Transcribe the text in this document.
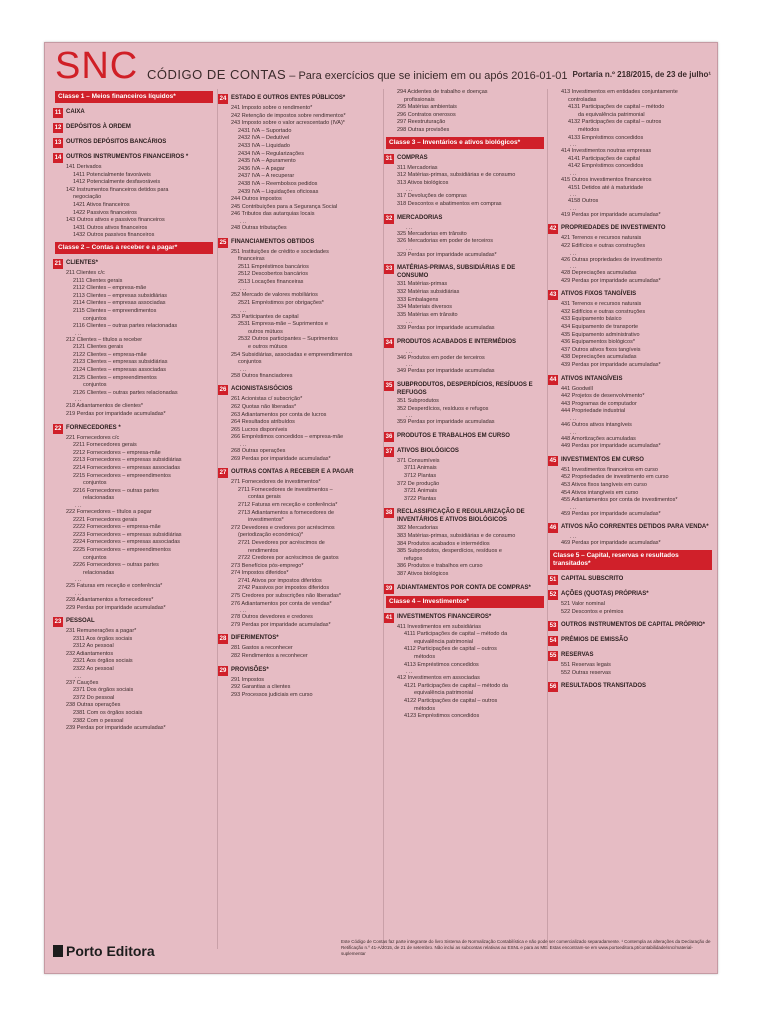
SNC CÓDIGO DE CONTAS – Para exercícios que se iniciem em ou após 2016-01-01 Portaria n.º 218/2015, de 23 de julho¹
Classe 1 – Meios financeiros líquidos*
11 CAIXA
12 DEPÓSITOS À ORDEM
13 OUTROS DEPÓSITOS BANCÁRIOS
14 OUTROS INSTRUMENTOS FINANCEIROS *
141 Derivados
1411 Potencialmente favoráveis
1412 Potencialmente desfavoráveis
142 Instrumentos financeiros detidos para
negociação
1421 Ativos financeiros
1422 Passivos financeiros
143 Outros ativos e passivos financeiros
1431 Outros ativos financeiros
1432 Outros passivos financeiros
Classe 2 – Contas a receber e a pagar*
21 CLIENTES*
211 Clientes c/c
2111 Clientes gerais
2112 Clientes – empresa-mãe
2113 Clientes – empresas subsidiárias
2114 Clientes – empresas associadas
2115 Clientes – empreendimentos
conjuntos
2116 Clientes – outras partes relacionadas
...
212 Clientes – títulos a receber
2121 Clientes gerais
2122 Clientes – empresa-mãe
2123 Clientes – empresas subsidiárias
2124 Clientes – empresas associadas
2125 Clientes – empreendimentos
conjuntos
2126 Clientes – outras partes relacionadas
...
218 Adiantamentos de clientes*
219 Perdas por imparidade acumuladas*
22 FORNECEDORES *
221 Fornecedores c/c
2211 Fornecedores gerais
2212 Fornecedores – empresa-mãe
2213 Fornecedores – empresas subsidiárias
2214 Fornecedores – empresas associadas
2215 Fornecedores – empreendimentos
conjuntos
2216 Fornecedores – outras partes
relacionadas
...
222 Fornecedores – títulos a pagar
2221 Fornecedores gerais
2222 Fornecedores – empresa-mãe
2223 Fornecedores – empresas subsidiárias
2224 Fornecedores – empresas associadas
2225 Fornecedores – empreendimentos
conjuntos
2226 Fornecedores – outras partes
relacionadas
...
225 Faturas em receção e conferência*
...
228 Adiantamentos a fornecedores*
229 Perdas por imparidade acumuladas*
23 PESSOAL
231 Remunerações a pagar*
2311 Aos órgãos sociais
2312 Ao pessoal
232 Adiantamentos
2321 Aos órgãos sociais
2322 Ao pessoal
...
237 Cauções
2371 Dos órgãos sociais
2372 Do pessoal
238 Outras operações
2381 Com os órgãos sociais
2382 Com o pessoal
239 Perdas por imparidade acumuladas*
24 ESTADO E OUTROS ENTES PÚBLICOS*
241 Imposto sobre o rendimento*
242 Retenção de impostos sobre rendimentos*
243 Imposto sobre o valor acrescentado (IVA)*
2431 IVA – Suportado
2432 IVA – Dedutível
2433 IVA – Liquidado
2434 IVA – Regularizações
2435 IVA – Apuramento
2436 IVA – A pagar
2437 IVA – A recuperar
2438 IVA – Reembolsos pedidos
2439 IVA – Liquidações oficiosas
244 Outros impostos
245 Contribuições para a Segurança Social
246 Tributos das autarquias locais
...
248 Outras tributações
25 FINANCIAMENTOS OBTIDOS
251 Instituições de crédito e sociedades
financeiras
2511 Empréstimos bancários
2512 Descobertos bancários
2513 Locações financeiras
...
252 Mercado de valores mobiliários
2521 Empréstimos por obrigações*
...
253 Participantes de capital
2531 Empresa-mãe – Suprimentos e
outros mútuos
2532 Outros participantes – Suprimentos
e outros mútuos
254 Subsidiárias, associadas e empreendimentos
conjuntos
...
258 Outros financiadores
26 ACIONISTAS/SÓCIOS
261 Acionistas c/ subscrição*
262 Quotas não liberadas*
263 Adiantamentos por conta de lucros
264 Resultados atribuídos
265 Lucros disponíveis
266 Empréstimos concedidos – empresa-mãe
...
268 Outras operações
269 Perdas por imparidade acumuladas*
27 OUTRAS CONTAS A RECEBER E A PAGAR
271 Fornecedores de investimentos*
2711 Fornecedores de investimentos –
contas gerais
2712 Faturas em receção e conferência*
2713 Adiantamentos a fornecedores de
investimentos*
272 Devedores e credores por acréscimos
(periodização económica)*
2721 Devedores por acréscimos de
rendimentos
2722 Credores por acréscimos de gastos
273 Benefícios pós-emprego*
274 Impostos diferidos*
2741 Ativos por impostos diferidos
2742 Passivos por impostos diferidos
275 Credores por subscrições não liberadas*
276 Adiantamentos por conta de vendas*
...
278 Outros devedores e credores
279 Perdas por imparidade acumuladas*
28 DIFERIMENTOS*
281 Gastos a reconhecer
282 Rendimentos a reconhecer
29 PROVISÕES*
291 Impostos
292 Garantias a clientes
293 Processos judiciais em curso
294 Acidentes de trabalho e doenças
profissionais
295 Matérias ambientais
296 Contratos onerosos
297 Reestruturação
298 Outras provisões
Classe 3 – Inventários e ativos biológicos*
31 COMPRAS
311 Mercadorias
312 Matérias-primas, subsidiárias e de consumo
313 Ativos biológicos
...
317 Devoluções de compras
318 Descontos e abatimentos em compras
32 MERCADORIAS
...
325 Mercadorias em trânsito
326 Mercadorias em poder de terceiros
...
329 Perdas por imparidade acumuladas*
33 MATÉRIAS-PRIMAS, SUBSIDIÁRIAS E DE CONSUMO
331 Matérias-primas
332 Matérias subsidiárias
333 Embalagens
334 Materiais diversos
335 Matérias em trânsito
...
339 Perdas por imparidade acumuladas
34 PRODUTOS ACABADOS E INTERMÉDIOS
...
346 Produtos em poder de terceiros
...
349 Perdas por imparidade acumuladas
35 SUBPRODUTOS, DESPERDÍCIOS, RESÍDUOS E REFUGOS
351 Subprodutos
352 Desperdícios, resíduos e refugos
...
359 Perdas por imparidade acumuladas
36 PRODUTOS E TRABALHOS EM CURSO
37 ATIVOS BIOLÓGICOS
371 Consumíveis
3711 Animais
3712 Plantas
372 De produção
3721 Animais
3722 Plantas
38 RECLASSIFICAÇÃO E REGULARIZAÇÃO DE INVENTÁRIOS E ATIVOS BIOLÓGICOS
382 Mercadorias
383 Matérias-primas, subsidiárias e de consumo
384 Produtos acabados e intermédios
385 Subprodutos, desperdícios, resíduos e
refugos
386 Produtos e trabalhos em curso
387 Ativos biológicos
39 ADIANTAMENTOS POR CONTA DE COMPRAS*
Classe 4 – Investimentos*
41 INVESTIMENTOS FINANCEIROS*
411 Investimentos em subsidiárias
4111 Participações de capital – método da
equivalência patrimonial
4112 Participações de capital – outros
métodos
4113 Empréstimos concedidos
...
412 Investimentos em associadas
4121 Participações de capital – método da
equivalência patrimonial
4122 Participações de capital – outros
métodos
4123 Empréstimos concedidos
413 Investimentos em entidades conjuntamente
controladas
4131 Participações de capital – método
da equivalência patrimonial
4132 Participações de capital – outros
métodos
4133 Empréstimos concedidos
...
414 Investimentos noutras empresas
4141 Participações de capital
4142 Empréstimos concedidos
...
415 Outros investimentos financeiros
4151 Detidos até à maturidade
...
4158 Outros
...
419 Perdas por imparidade acumuladas*
42 PROPRIEDADES DE INVESTIMENTO
421 Terrenos e recursos naturais
422 Edifícios e outras construções
...
426 Outras propriedades de investimento
...
428 Depreciações acumuladas
429 Perdas por imparidade acumuladas*
43 ATIVOS FIXOS TANGÍVEIS
431 Terrenos e recursos naturais
432 Edifícios e outras construções
433 Equipamento básico
434 Equipamento de transporte
435 Equipamento administrativo
436 Equipamentos biológicos*
437 Outros ativos fixos tangíveis
438 Depreciações acumuladas
439 Perdas por imparidade acumuladas*
44 ATIVOS INTANGÍVEIS
441 Goodwill
442 Projetos de desenvolvimento*
443 Programas de computador
444 Propriedade industrial
...
446 Outros ativos intangíveis
...
448 Amortizações acumuladas
449 Perdas por imparidade acumuladas*
45 INVESTIMENTOS EM CURSO
451 Investimentos financeiros em curso
452 Propriedades de investimento em curso
453 Ativos fixos tangíveis em curso
454 Ativos intangíveis em curso
455 Adiantamentos por conta de investimentos*
...
459 Perdas por imparidade acumuladas*
46 ATIVOS NÃO CORRENTES DETIDOS PARA VENDA*
...
469 Perdas por imparidade acumuladas*
Classe 5 – Capital, reservas e resultados transitados*
51 CAPITAL SUBSCRITO
52 AÇÕES (QUOTAS) PRÓPRIAS*
521 Valor nominal
522 Descontos e prémios
53 OUTROS INSTRUMENTOS DE CAPITAL PRÓPRIO*
54 PRÉMIOS DE EMISSÃO
55 RESERVAS
551 Reservas legais
552 Outras reservas
56 RESULTADOS TRANSITADOS
Porto Editora
Este Código de Contas faz parte integrante do livro Sistema de Normalização Contabilística e não pode ser comercializado separadamente. ¹ Contempla as alterações da Declaração de Retificação n.º 41-A/2015, de 21 de setembro. Não inclui as subcontas relativas ao ESNL e para as ME. Estas encontram-se em www.portoeditora.pt/contabilidade/snc/material-suplementar
